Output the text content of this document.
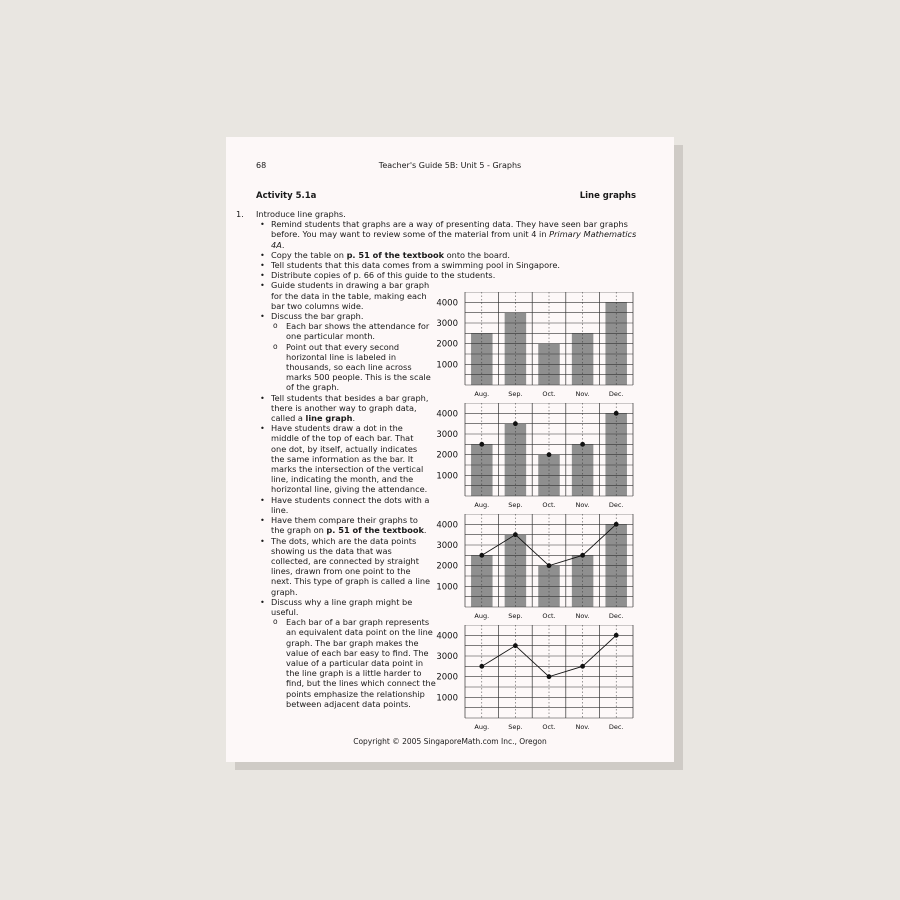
68	Teacher's Guide 5B: Unit 5 - Graphs
Activity 5.1a	Line graphs
1. Introduce line graphs.
• Remind students that graphs are a way of presenting data. They have seen bar graphs before. You may want to review some of the material from unit 4 in Primary Mathematics 4A.
• Copy the table on p. 51 of the textbook onto the board.
• Tell students that this data comes from a swimming pool in Singapore.
• Distribute copies of p. 66 of this guide to the students.
• Guide students in drawing a bar graph for the data in the table, making each bar two columns wide.
• Discuss the bar graph.
o Each bar shows the attendance for one particular month.
o Point out that every second horizontal line is labeled in thousands, so each line across marks 500 people. This is the scale of the graph.
• Tell students that besides a bar graph, there is another way to graph data, called a line graph.
• Have students draw a dot in the middle of the top of each bar. That one dot, by itself, actually indicates the same information as the bar. It marks the intersection of the vertical line, indicating the month, and the horizontal line, giving the attendance.
• Have students connect the dots with a line.
• Have them compare their graphs to the graph on p. 51 of the textbook.
• The dots, which are the data points showing us the data that was collected, are connected by straight lines, drawn from one point to the next. This type of graph is called a line graph.
• Discuss why a line graph might be useful.
o Each bar of a bar graph represents an equivalent data point on the line graph. The bar graph makes the value of each bar easy to find. The value of a particular data point in the line graph is a little harder to find, but the lines which connect the points emphasize the relationship between adjacent data points.
1000
2000
3000
4000
Aug.	Sep.	Oct.	Nov.	Dec.
1000
2000
3000
4000
Aug.	Sep.	Oct.	Nov.	Dec.
1000
2000
3000
4000
Aug.	Sep.	Oct.	Nov.	Dec.
1000
2000
3000
4000
Aug.	Sep.	Oct.	Nov.	Dec.
Copyright © 2005 SingaporeMath.com Inc., Oregon
